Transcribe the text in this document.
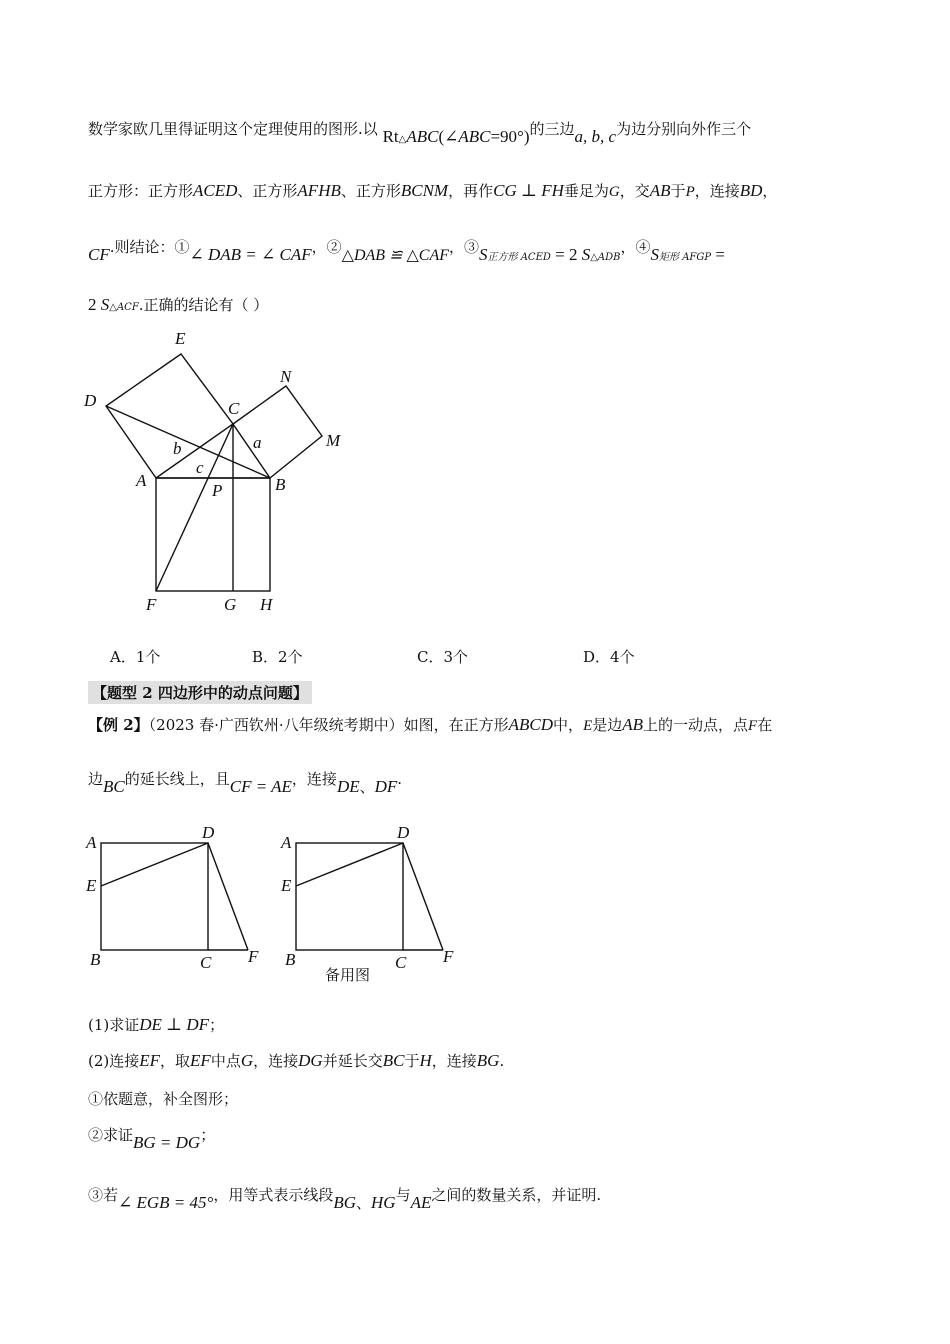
数学家欧几里得证明这个定理使用的图形.以 $Rt_\triangle ABC(\angle ABC=90^\circ)$的三边a, b, c为边分别向外作三个
正方形：正方形ACED、正方形AFHB、正方形BCNM，再作CG ⊥ FH垂足为G，交AB于P，连接BD，
CF.则结论：①∠ DAB = ∠ CAF，②△DAB ≌ △CAF，$③S_{正方形 ACED} = 2$ $S_{\triangle ADB}$，$④S_{矩形 AFGP}$ =
2 S△ACF.正确的结论有（ ）
E
D	C
N
M
b	a
c
A
P	B
F	G H
A．1个	B．2个	C．3个	D．4个
【题型 2 四边形中的动点问题】
【例 2】（2023 春·广西钦州·八年级统考期中）如图，在正方形ABCD中，E是边AB上的一动点，点F在
边BC的延长线上，且CF = AE，连接DE、DF.
A
D
E
B	C F
A
D
E
B	C F
备用图
(1)求证DE ⊥ DF；
(2)连接EF，取EF中点G，连接DG并延长交BC于H，连接BG.
①依题意，补全图形；
②求证BG = DG；
③若∠ EGB = 45°，用等式表示线段BG、HG与AE之间的数量关系，并证明.
